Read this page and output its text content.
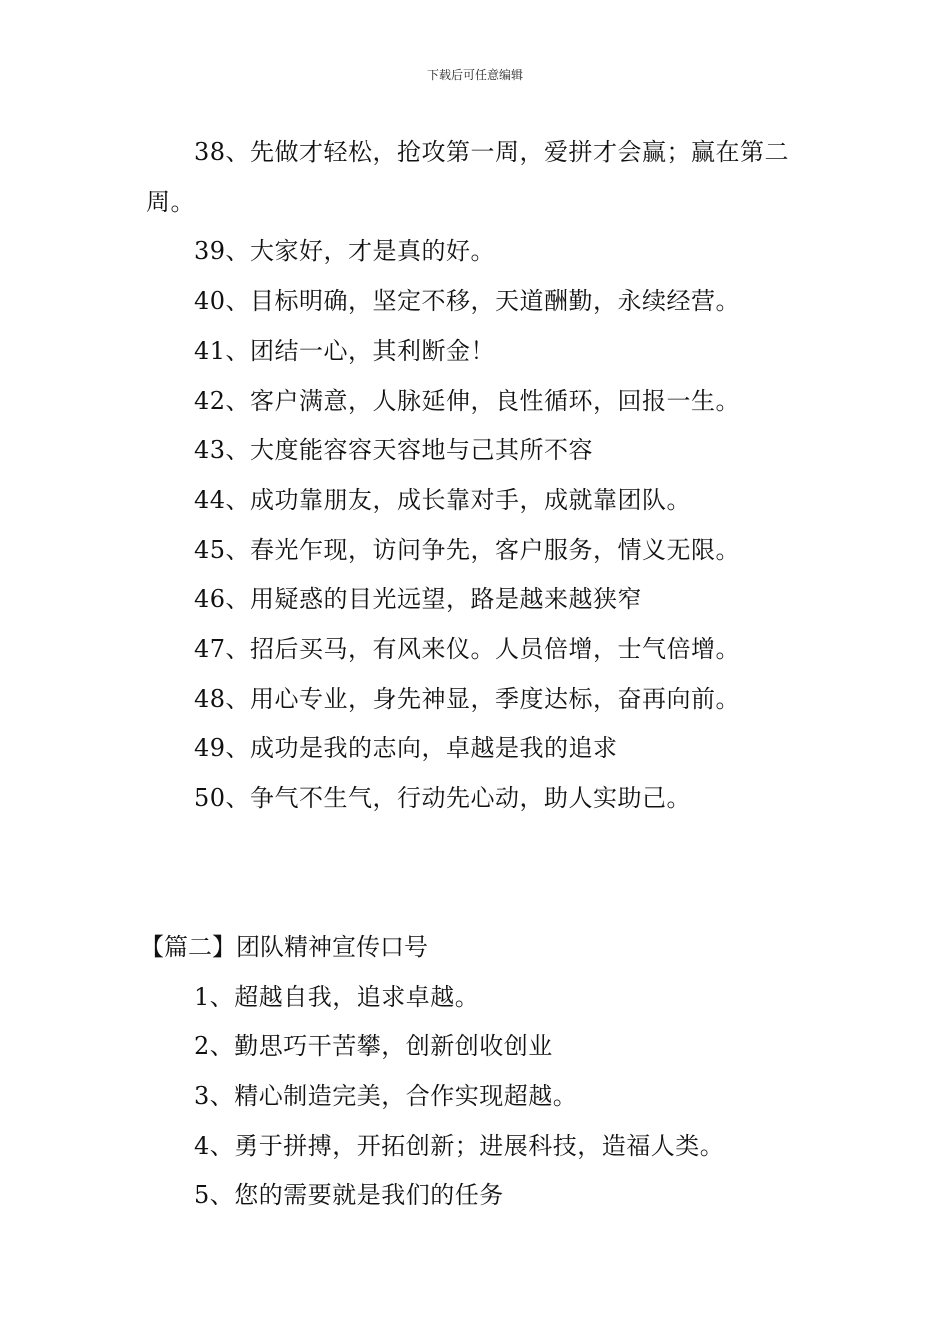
下载后可任意编辑

38、先做才轻松，抢攻第一周，爱拼才会赢；赢在第二周。

39、大家好，才是真的好。

40、目标明确，坚定不移，天道酬勤，永续经营。

41、团结一心，其利断金！

42、客户满意，人脉延伸，良性循环，回报一生。

43、大度能容容天容地与己其所不容

44、成功靠朋友，成长靠对手，成就靠团队。

45、春光乍现，访问争先，客户服务，情义无限。

46、用疑惑的目光远望，路是越来越狭窄

47、招后买马，有风来仪。人员倍增，士气倍增。

48、用心专业，身先神显，季度达标，奋再向前。

49、成功是我的志向，卓越是我的追求

50、争气不生气，行动先心动，助人实助己。

【篇二】团队精神宣传口号

1、超越自我，追求卓越。

2、勤思巧干苦攀，创新创收创业

3、精心制造完美，合作实现超越。

4、勇于拼搏，开拓创新；进展科技，造福人类。

5、您的需要就是我们的任务
